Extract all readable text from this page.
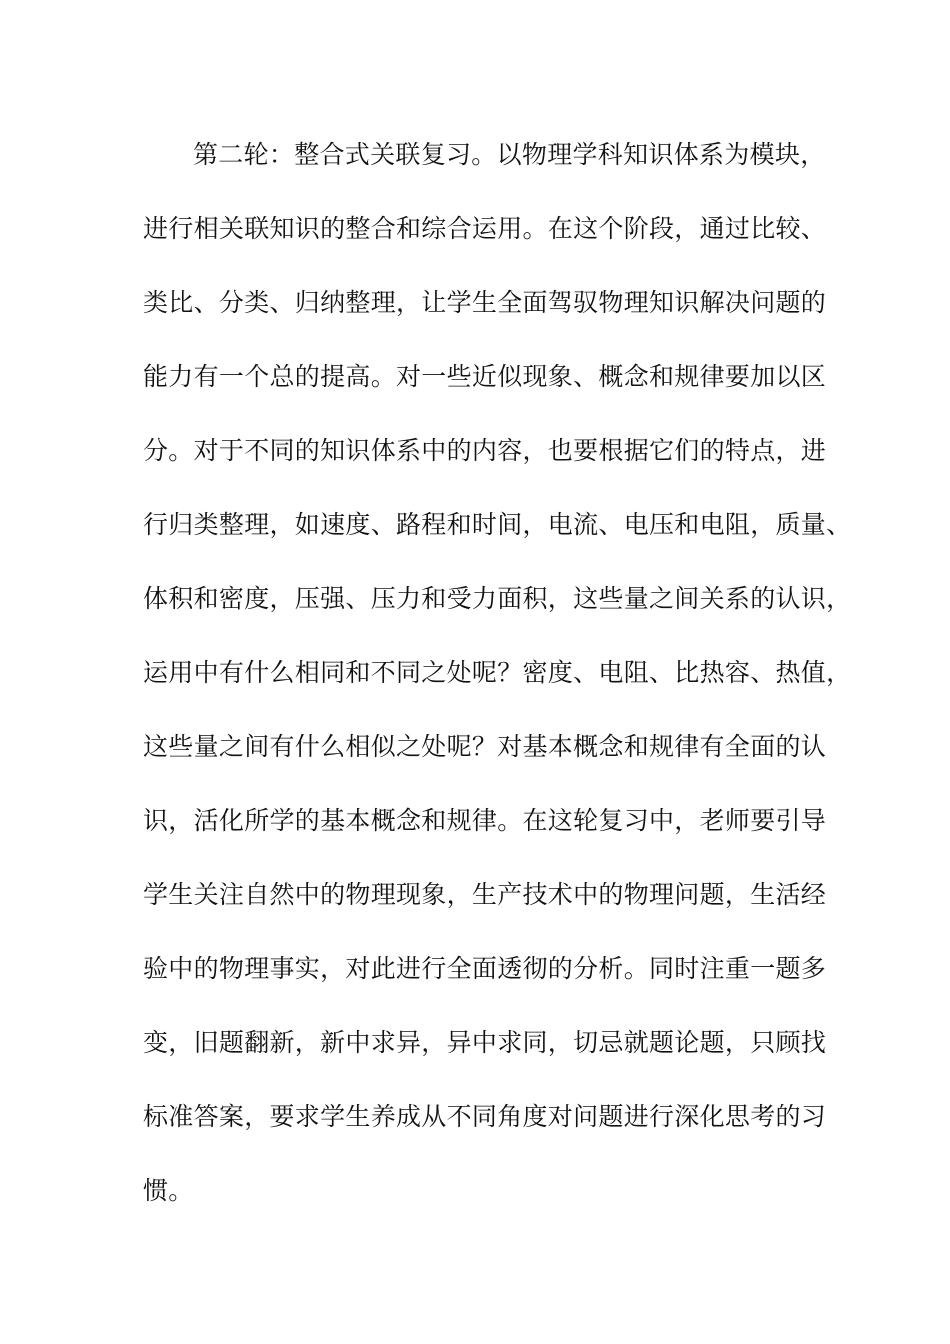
第二轮：整合式关联复习。以物理学科知识体系为模块，
进行相关联知识的整合和综合运用。在这个阶段，通过比较、
类比、分类、归纳整理，让学生全面驾驭物理知识解决问题的
能力有一个总的提高。对一些近似现象、概念和规律要加以区
分。对于不同的知识体系中的内容，也要根据它们的特点，进
行归类整理，如速度、路程和时间，电流、电压和电阻，质量、
体积和密度，压强、压力和受力面积，这些量之间关系的认识，
运用中有什么相同和不同之处呢？密度、电阻、比热容、热值，
这些量之间有什么相似之处呢？对基本概念和规律有全面的认
识，活化所学的基本概念和规律。在这轮复习中，老师要引导
学生关注自然中的物理现象，生产技术中的物理问题，生活经
验中的物理事实，对此进行全面透彻的分析。同时注重一题多
变，旧题翻新，新中求异，异中求同，切忌就题论题，只顾找
标准答案，要求学生养成从不同角度对问题进行深化思考的习
惯。
